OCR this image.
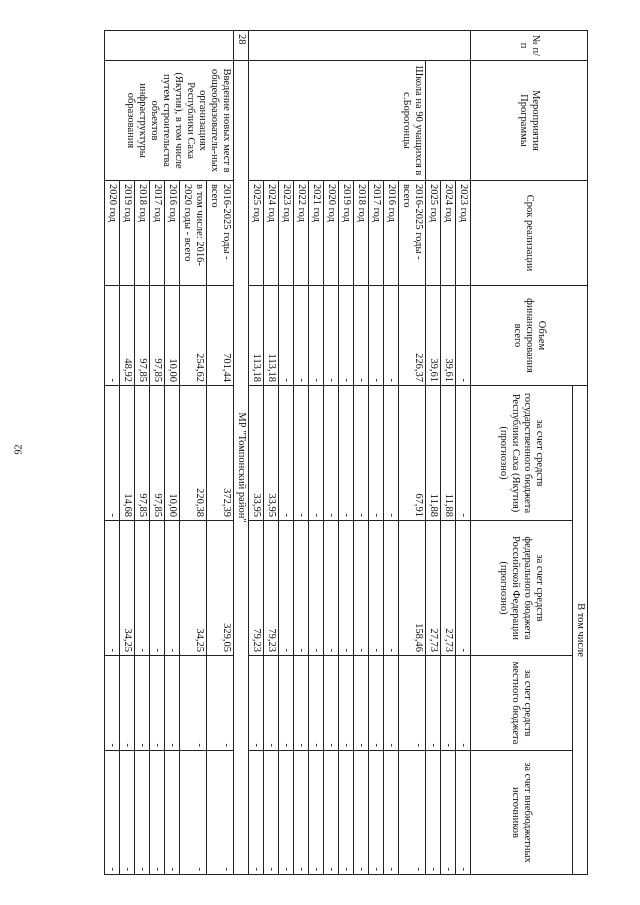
92
№ п/п	Мероприятия Программы	Срок реализации	Объем финансирования всего	В том числе			
				за счет средств государственного бюджета Республики Саха (Якутия) (прогнозно)	за счет средств федерального бюджета Российской Федерации (прогнозно)	за счет средств местного бюджета	за счет внебюджетных источников
		2023 год	-	-	-	-	-
		2024 год	39,61	11,88	27,73	-	-
		2025 год	39,61	11,88	27,73	-	-
	Школа на 90 учащихся в с.Борогонцы	2016-2025 годы - всего	226,37	67,91	158,46	-	-
		2016 год	-	-	-	-	-
		2017 год	-	-	-	-	-
		2018 год	-	-	-	-	-
		2019 год	-	-	-	-	-
		2020 год	-	-	-	-	-
		2021 год	-	-	-	-	-
		2022 год	-	-	-	-	-
		2023 год	-	-	-	-	-
		2024 год	113,18	33,95	79,23	-	-
		2025 год	113,18	33,95	79,23	-	-
28	МР "Томпонский район"						
	Введение новых мест в общеобразователь-ных организациях Республики Саха (Якутия), в том числе путем строительства объектов инфраструктуры образования	2016-2025 годы - всего	701,44	372,39	329,05	-	-
		в том числе: 2016-2020 годы - всего	254,62	220,38	34,25	-	-
		2016 год	10,00	10,00	-	-	-
		2017 год	97,85	97,85	-	-	-
		2018 год	97,85	97,85	-	-	-
		2019 год	48,92	14,68	34,25	-	-
		2020 год	-	-	-	-	-
